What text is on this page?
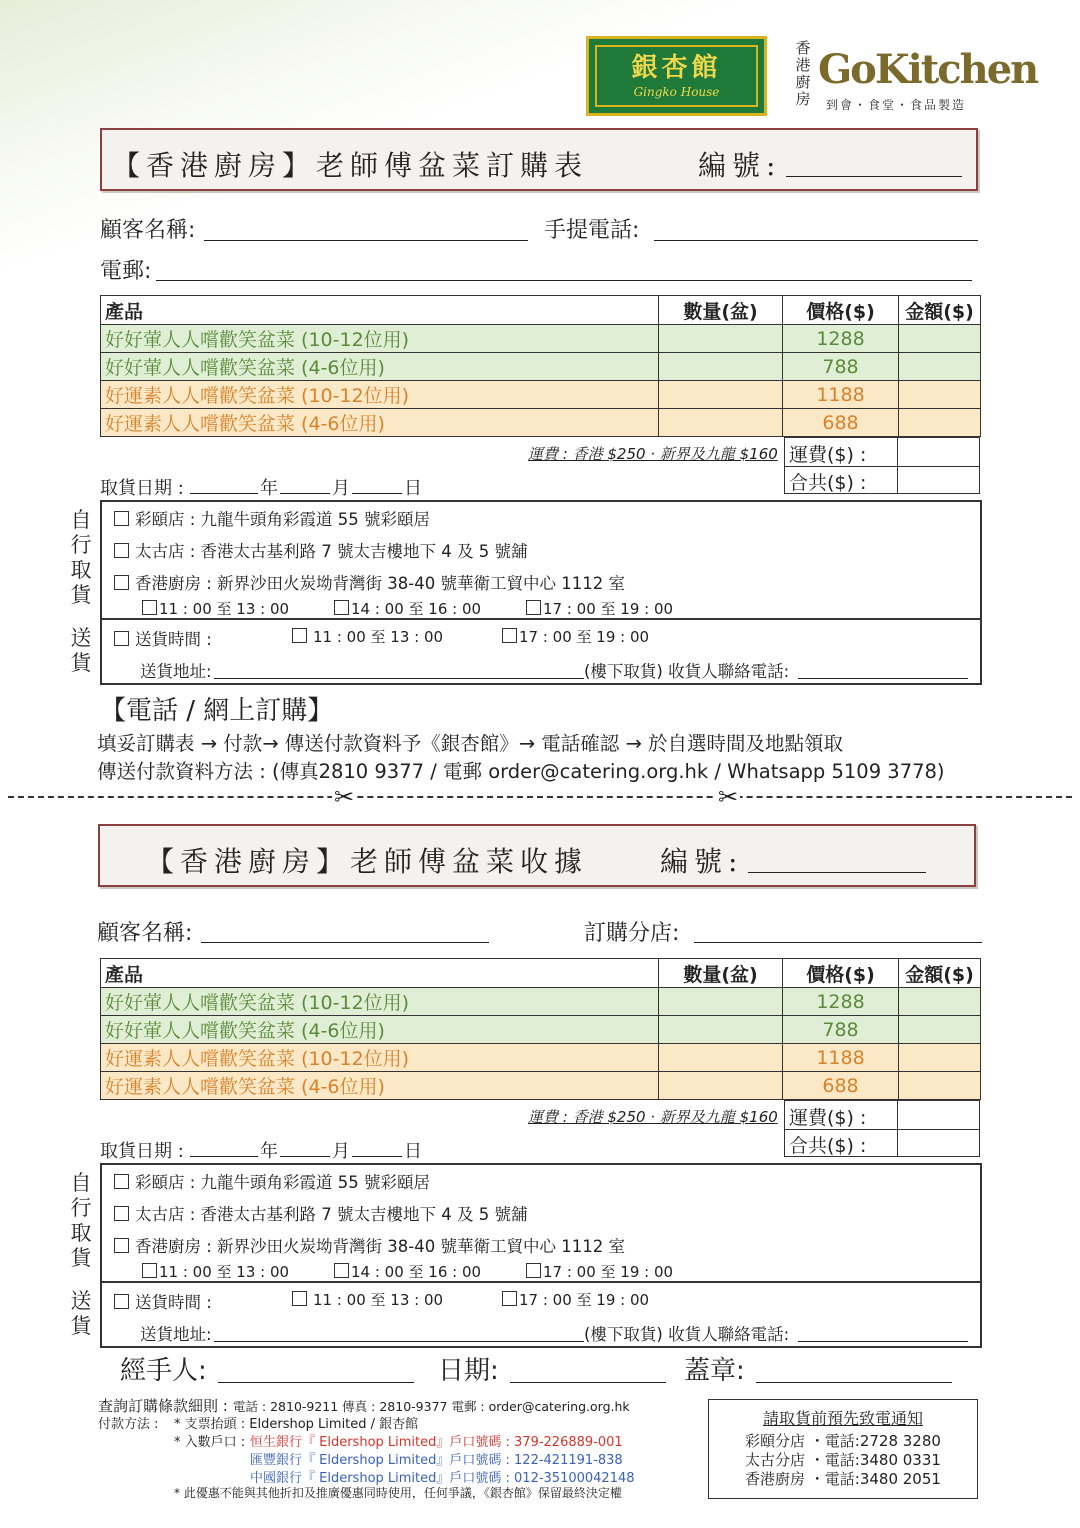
銀杏館
Gingko House
香港廚房
GoKitchen
到會・食堂・食品製造
【香港廚房】老師傅盆菜訂購表	編號:
顧客名稱:	手提電話:
電郵:
產品	數量(盆)	價格($)	金額($)
好好葷人人嚐歡笑盆菜 (10-12位用)		1288	
好好葷人人嚐歡笑盆菜 (4-6位用)		788	
好運素人人嚐歡笑盆菜 (10-12位用)		1188	
好運素人人嚐歡笑盆菜 (4-6位用)		688	
運費 : 香港 $250 · 新界及九龍 $160 運費($) :
合共($) :
取貨日期 :	年	月	日
自行取貨
送貨
彩頤店 : 九龍牛頭角彩霞道 55 號彩頤居
太古店 : 香港太古基利路 7 號太吉樓地下 4 及 5 號舖
香港廚房 : 新界沙田火炭坳背灣街 38-40 號華衛工貿中心 1112 室
11 : 00 至 13 : 00	14 : 00 至 16 : 00	17 : 00 至 19 : 00
送貨時間 :	11 : 00 至 13 : 00	17 : 00 至 19 : 00
送貨地址:	(樓下取貨) 收貨人聯絡電話:
【電話 / 網上訂購】
填妥訂購表 → 付款→ 傳送付款資料予《銀杏館》→ 電話確認 → 於自選時間及地點領取
傳送付款資料方法 : (傳真2810 9377 / 電郵 order@catering.org.hk / Whatsapp 5109 3778)
✂	✂
【香港廚房】老師傅盆菜收據	編號:
顧客名稱:	訂購分店:
產品	數量(盆)	價格($)	金額($)
好好葷人人嚐歡笑盆菜 (10-12位用)		1288	
好好葷人人嚐歡笑盆菜 (4-6位用)		788	
好運素人人嚐歡笑盆菜 (10-12位用)		1188	
好運素人人嚐歡笑盆菜 (4-6位用)		688	
運費 : 香港 $250 · 新界及九龍 $160 運費($) :
合共($) :
取貨日期 :	年	月	日
自行取貨
送貨
彩頤店 : 九龍牛頭角彩霞道 55 號彩頤居
太古店 : 香港太古基利路 7 號太吉樓地下 4 及 5 號舖
香港廚房 : 新界沙田火炭坳背灣街 38-40 號華衛工貿中心 1112 室
11 : 00 至 13 : 00	14 : 00 至 16 : 00	17 : 00 至 19 : 00
送貨時間 :	11 : 00 至 13 : 00	17 : 00 至 19 : 00
送貨地址:	(樓下取貨) 收貨人聯絡電話:
經手人:	日期:	蓋章:
查詢訂購條款細則 : 電話 : 2810-9211 傳真 : 2810-9377 電郵 : order@catering.org.hk
付款方法 : * 支票抬頭 : Eldershop Limited / 銀杏館
* 入數戶口 : 恒生銀行『 Eldershop Limited』戶口號碼 : 379-226889-001
匯豐銀行『 Eldershop Limited』戶口號碼 : 122-421191-838
中國銀行『 Eldershop Limited』戶口號碼 : 012-35100042148
* 此優惠不能與其他折扣及推廣優惠同時使用，任何爭議，《銀杏館》保留最終決定權
請取貨前預先致電通知
彩頤分店 ・電話:2728 3280
太古分店 ・電話:3480 0331
香港廚房 ・電話:3480 2051
